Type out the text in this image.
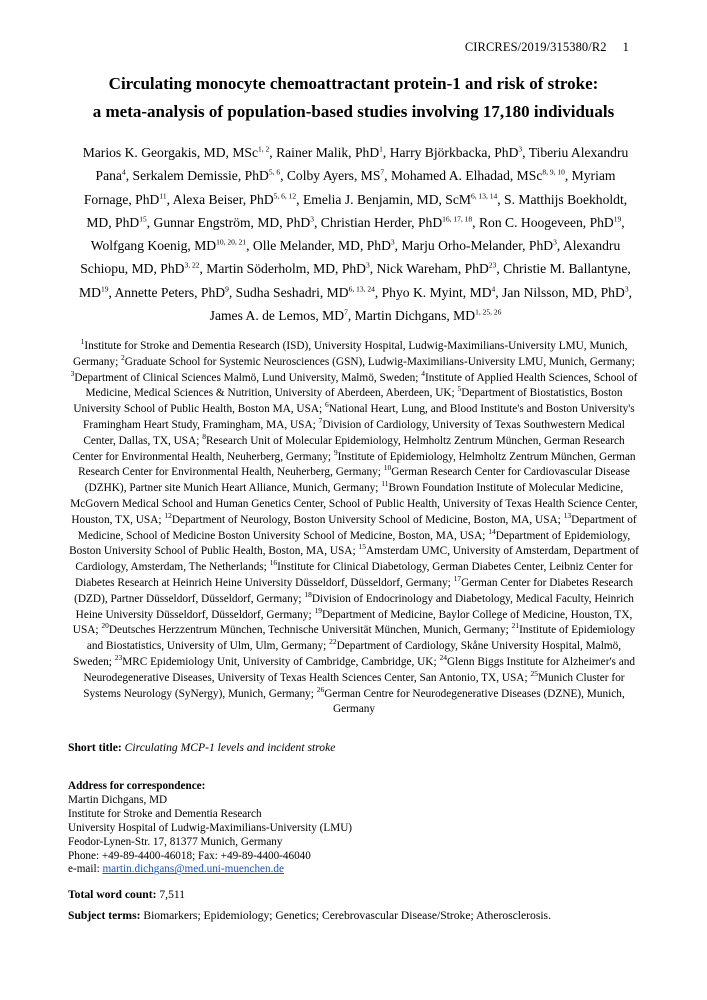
CIRCRES/2019/315380/R2 1
Circulating monocyte chemoattractant protein-1 and risk of stroke:
a meta-analysis of population-based studies involving 17,180 individuals
Marios K. Georgakis, MD, MSc$^{1, 2}$, Rainer Malik, PhD$^1$, Harry Björkbacka, PhD$^3$, Tiberiu Alexandru Pana$^4$, Serkalem Demissie, PhD$^{5, 6}$, Colby Ayers, $MS^7$, Mohamed A. Elhadad, MSc$^{8, 9, 10}$, Myriam Fornage, PhD$^{11}$, Alexa Beiser, PhD$^{5, 6, 12}$, Emelia J. Benjamin, MD, ScM$^{6, 13, 14}$, S. Matthijs Boekholdt, MD, PhD$^{15}$, Gunnar Engström, MD, PhD$^3$, Christian Herder, PhD$^{16, 17, 18}$, Ron C. Hoogeveen, PhD$^{19}$, Wolfgang Koenig, MD$^{10, 20, 21}$, Olle Melander, MD, PhD$^3$, Marju Orho-Melander, PhD$^3$, Alexandru Schiopu, MD, PhD$^{3, 22}$, Martin Söderholm, MD, PhD$^3$, Nick Wareham, PhD$^{23}$, Christie M. Ballantyne, MD$^{19}$, Annette Peters, PhD$^9$, Sudha Seshadri, MD$^{6, 13, 24}$, Phyo K. Myint, $MD^4$, Jan Nilsson, MD, PhD$^3$, James A. de Lemos, $MD^7$, Martin Dichgans, MD$^{1, 25, 26}$
$^1$Institute for Stroke and Dementia Research (ISD), University Hospital, Ludwig-Maximilians-University LMU, Munich, Germany; $^2$Graduate School for Systemic Neurosciences (GSN), Ludwig-Maximilians-University LMU, Munich, Germany; $^3$Department of Clinical Sciences Malmö, Lund University, Malmö, Sweden; $^4$Institute of Applied Health Sciences, School of Medicine, Medical Sciences & Nutrition, University of Aberdeen, Aberdeen, UK; $^5$Department of Biostatistics, Boston University School of Public Health, Boston MA, USA; $^6$National Heart, Lung, and Blood Institute's and Boston University's Framingham Heart Study, Framingham, MA, USA; $^7$Division of Cardiology, University of Texas Southwestern Medical Center, Dallas, TX, USA; $^8$Research Unit of Molecular Epidemiology, Helmholtz Zentrum München, German Research Center for Environmental Health, Neuherberg, Germany; $^9$Institute of Epidemiology, Helmholtz Zentrum München, German Research Center for Environmental Health, Neuherberg, Germany; $^{10}$German Research Center for Cardiovascular Disease (DZHK), Partner site Munich Heart Alliance, Munich, Germany; $^{11}$Brown Foundation Institute of Molecular Medicine, McGovern Medical School and Human Genetics Center, School of Public Health, University of Texas Health Science Center, Houston, TX, USA; $^{12}$Department of Neurology, Boston University School of Medicine, Boston, MA, USA; $^{13}$Department of Medicine, School of Medicine Boston University School of Medicine, Boston, MA, USA; $^{14}$Department of Epidemiology, Boston University School of Public Health, Boston, MA, USA; $^{15}$Amsterdam UMC, University of Amsterdam, Department of Cardiology, Amsterdam, The Netherlands; $^{16}$Institute for Clinical Diabetology, German Diabetes Center, Leibniz Center for Diabetes Research at Heinrich Heine University Düsseldorf, Düsseldorf, Germany; $^{17}$German Center for Diabetes Research (DZD), Partner Düsseldorf, Düsseldorf, Germany; $^{18}$Division of Endocrinology and Diabetology, Medical Faculty, Heinrich Heine University Düsseldorf, Düsseldorf, Germany; $^{19}$Department of Medicine, Baylor College of Medicine, Houston, TX, USA; $^{20}$Deutsches Herzzentrum München, Technische Universität München, Munich, Germany; $^{21}$Institute of Epidemiology and Biostatistics, University of Ulm, Ulm, Germany; $^{22}$Department of Cardiology, Skåne University Hospital, Malmö, Sweden; $^{23}$MRC Epidemiology Unit, University of Cambridge, Cambridge, UK; $^{24}$Glenn Biggs Institute for Alzheimer's and Neurodegenerative Diseases, University of Texas Health Sciences Center, San Antonio, TX, USA; $^{25}$Munich Cluster for Systems Neurology (SyNergy), Munich, Germany; $^{26}$German Centre for Neurodegenerative Diseases (DZNE), Munich, Germany
Short title: Circulating MCP-1 levels and incident stroke
Address for correspondence:
Martin Dichgans, MD
Institute for Stroke and Dementia Research
University Hospital of Ludwig-Maximilians-University (LMU)
Feodor-Lynen-Str. 17, 81377 Munich, Germany
Phone: +49-89-4400-46018; Fax: +49-89-4400-46040
e-mail: martin.dichgans@med.uni-muenchen.de
Total word count: 7,511
Subject terms: Biomarkers; Epidemiology; Genetics; Cerebrovascular Disease/Stroke; Atherosclerosis.
